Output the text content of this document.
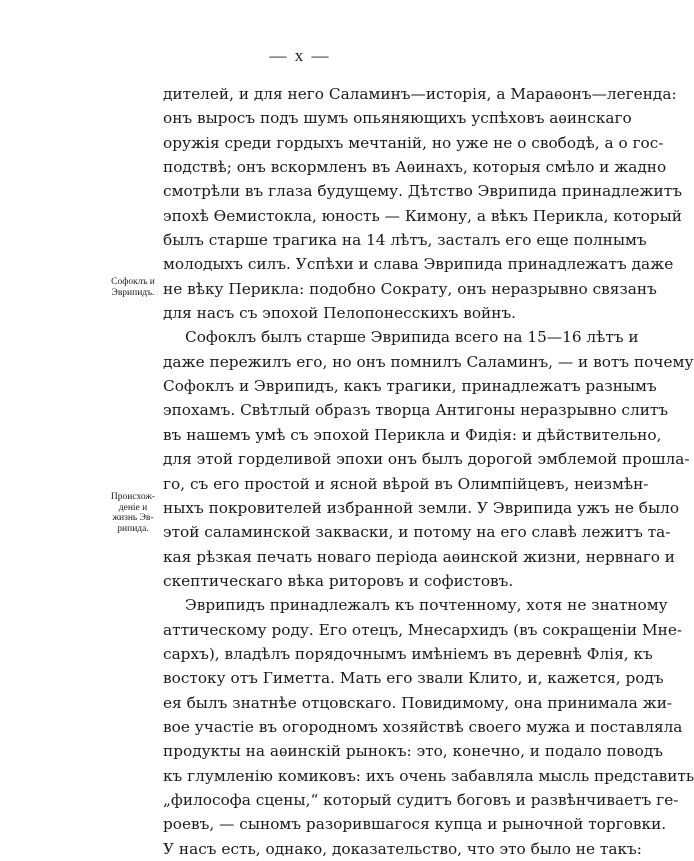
— x —
Софоклъ и
Эврипидъ.
Происхож-
деніе и
жизнь Эв-
рипида.
дителей, и для него Саламинъ—исторія, а Мараѳонъ—легенда:
онъ выросъ подъ шумъ опьяняющихъ успѣховъ аѳинскаго
оружія среди гордыхъ мечтаній, но уже не о свободѣ, а о гос-
подствѣ; онъ вскормленъ въ Аѳинахъ, которыя смѣло и жадно
смотрѣли въ глаза будущему. Дѣтство Эврипида принадлежитъ
эпохѣ Ѳемистокла, юность — Кимону, а вѣкъ Перикла, который
былъ старше трагика на 14 лѣтъ, засталъ его еще полнымъ
молодыхъ силъ. Успѣхи и слава Эврипида принадлежатъ даже
не вѣку Перикла: подобно Сократу, онъ неразрывно связанъ
для насъ съ эпохой Пелопонесскихъ войнъ.
Софоклъ былъ старше Эврипида всего на 15—16 лѣтъ и
даже пережилъ его, но онъ помнилъ Саламинъ, — и вотъ почему
Софоклъ и Эврипидъ, какъ трагики, принадлежатъ разнымъ
эпохамъ. Свѣтлый образъ творца Антигоны неразрывно слитъ
въ нашемъ умѣ съ эпохой Перикла и Фидія: и дѣйствительно,
для этой горделивой эпохи онъ былъ дорогой эмблемой прошла-
го, съ его простой и ясной вѣрой въ Олимпійцевъ, неизмѣн-
ныхъ покровителей избранной земли. У Эврипида ужъ не было
этой саламинской закваски, и потому на его славѣ лежитъ та-
кая рѣзкая печать новаго періода аѳинской жизни, нервнаго и
скептическаго вѣка риторовъ и софистовъ.
Эврипидъ принадлежалъ къ почтенному, хотя не знатному
аттическому роду. Его отецъ, Мнесархидъ (въ сокращеніи Мне-
сархъ), владѣлъ порядочнымъ имѣніемъ въ деревнѣ Флія, къ
востоку отъ Гиметта. Мать его звали Клито, и, кажется, родъ
ея былъ знатнѣе отцовскаго. Повидимому, она принимала жи-
вое участіе въ огородномъ хозяйствѣ своего мужа и поставляла
продукты на аѳинскій рынокъ: это, конечно, и подало поводъ
къ глумленію комиковъ: ихъ очень забавляла мысль представить
„философа сцены,“ который судитъ боговъ и развѣнчиваетъ ге-
роевъ, — сыномъ разорившагося купца и рыночной торговки.
У насъ есть, однако, доказательство, что это было не такъ:
